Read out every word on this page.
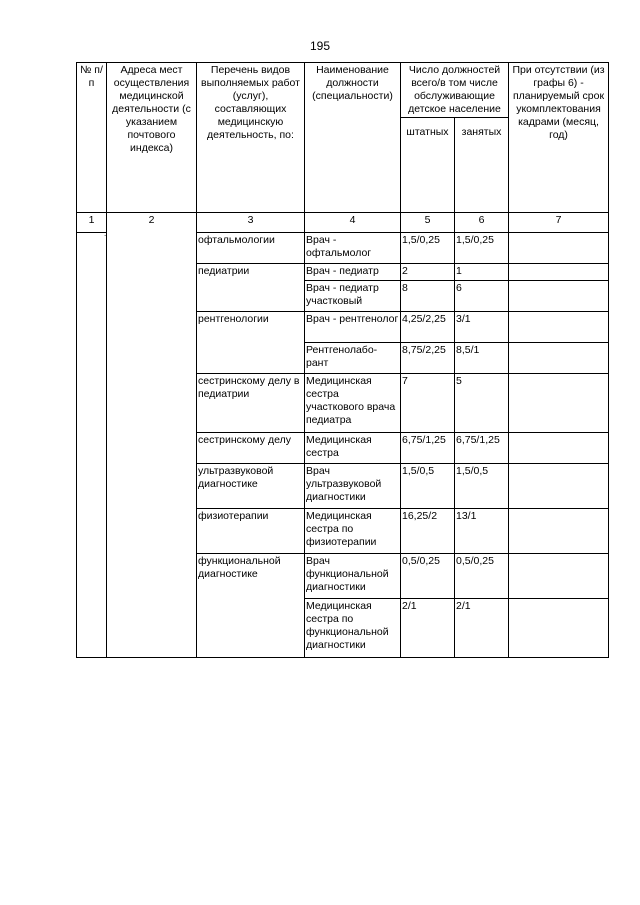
195
.
№ п/п	Адреса мест осуществления медицинской деятельности (с указанием почтового индекса)	Перечень видов выполняемых работ (услуг), составляющих медицинскую деятельность, по:	Наименование должности (специальности)	Число должностей всего/в том числе обслуживающие детское население		При отсутствии (из графы 6) - планируемый срок укомплектования кадрами (месяц, год)
				штатных	занятых	
1	2	3	4	5	6	7
		офтальмологии	Врач - офтальмолог	1,5/0,25	1,5/0,25	
		педиатрии	Врач - педиатр	2	1	
			Врач - педиатр участковый	8	6	
		рентгенологии	Врач - рентгенолог	4,25/2,25	3/1	
			Рентгенолабо-рант	8,75/2,25	8,5/1	
		сестринскому делу в педиатрии	Медицинская сестра участкового врача педиатра	7	5	
		сестринскому делу	Медицинская сестра	6,75/1,25	6,75/1,25	
		ультразвуковой диагностике	Врач ультразвуковой диагностики	1,5/0,5	1,5/0,5	
		физиотерапии	Медицинская сестра по физиотерапии	16,25/2	13/1	
		функциональной диагностике	Врач функциональной диагностики	0,5/0,25	0,5/0,25	
			Медицинская сестра по функциональной диагностики	2/1	2/1	
